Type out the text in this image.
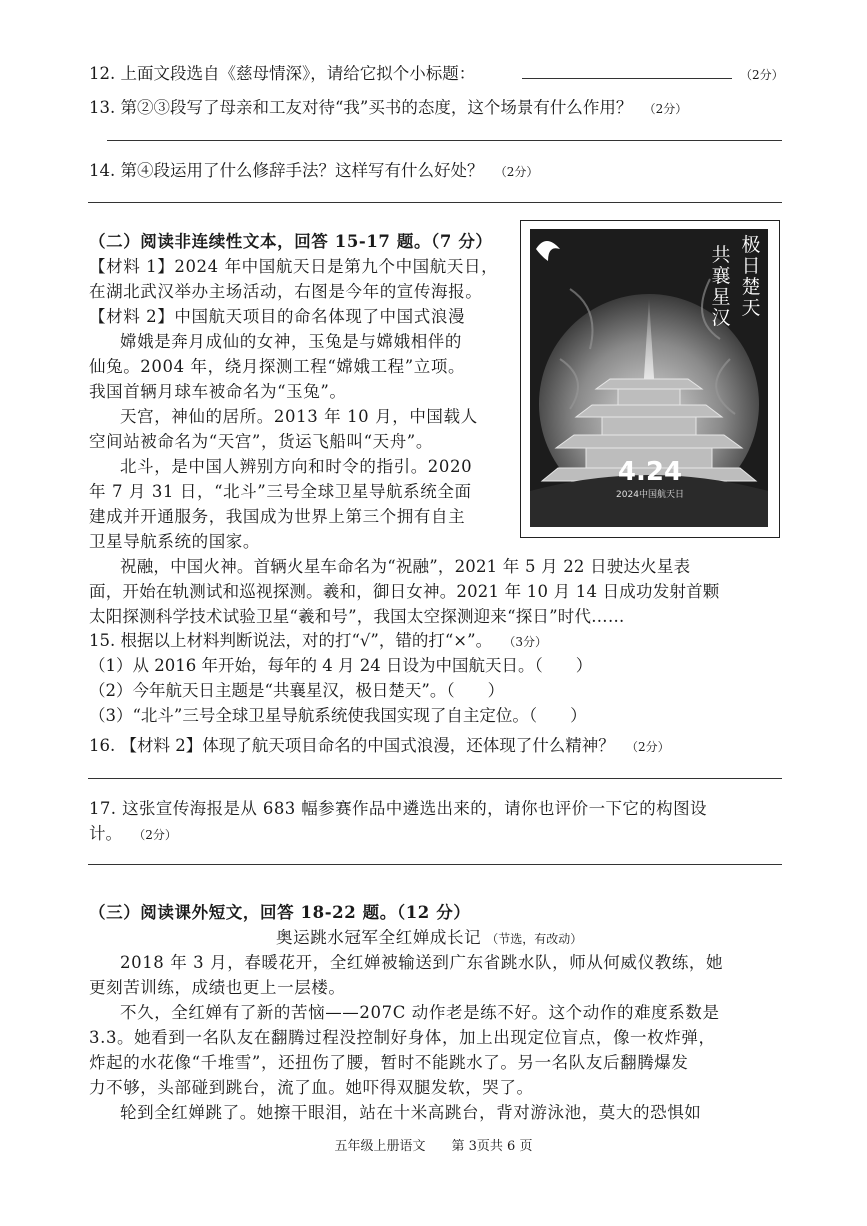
12. 上面文段选自《慈母情深》，请给它拟个小标题：	（2分）
13. 第②③段写了母亲和工友对待“我”买书的态度，这个场景有什么作用？ （2分）
14. 第④段运用了什么修辞手法？这样写有什么好处？ （2分）
（二）阅读非连续性文本，回答 15-17 题。（7 分）
【材料 1】2024 年中国航天日是第九个中国航天日，
在湖北武汉举办主场活动，右图是今年的宣传海报。
【材料 2】中国航天项目的命名体现了中国式浪漫
嫦娥是奔月成仙的女神，玉兔是与嫦娥相伴的
仙兔。2004 年，绕月探测工程“嫦娥工程”立项。
我国首辆月球车被命名为“玉兔”。
天宫，神仙的居所。2013 年 10 月，中国载人
空间站被命名为“天宫”，货运飞船叫“天舟”。
北斗，是中国人辨别方向和时令的指引。2020
年 7 月 31 日，“北斗”三号全球卫星导航系统全面
建成并开通服务，我国成为世界上第三个拥有自主
卫星导航系统的国家。
祝融，中国火神。首辆火星车命名为“祝融”，2021 年 5 月 22 日驶达火星表
面，开始在轨测试和巡视探测。羲和，御日女神。2021 年 10 月 14 日成功发射首颗
太阳探测科学技术试验卫星“羲和号”，我国太空探测迎来“探日”时代……
极日楚天
共襄星汉
4.24
2024中国航天日
15. 根据以上材料判断说法，对的打“√”，错的打“×”。 （3分）
（1）从 2016 年开始，每年的 4 月 24 日设为中国航天日。（　　）
（2）今年航天日主题是“共襄星汉，极日楚天”。（　　）
（3）“北斗”三号全球卫星导航系统使我国实现了自主定位。（　　）
16. 【材料 2】体现了航天项目命名的中国式浪漫，还体现了什么精神？ （2分）
17. 这张宣传海报是从 683 幅参赛作品中遴选出来的，请你也评价一下它的构图设
计。 （2分）
（三）阅读课外短文，回答 18-22 题。（12 分）
奥运跳水冠军全红婵成长记 （节选，有改动）
2018 年 3 月，春暖花开，全红婵被输送到广东省跳水队，师从何威仪教练，她
更刻苦训练，成绩也更上一层楼。
不久，全红婵有了新的苦恼——207C 动作老是练不好。这个动作的难度系数是
3.3。她看到一名队友在翻腾过程没控制好身体，加上出现定位盲点，像一枚炸弹，
炸起的水花像“千堆雪”，还扭伤了腰，暂时不能跳水了。另一名队友后翻腾爆发
力不够，头部碰到跳台，流了血。她吓得双腿发软，哭了。
轮到全红婵跳了。她擦干眼泪，站在十米高跳台，背对游泳池，莫大的恐惧如
五年级上册语文　　第 3页共 6 页
